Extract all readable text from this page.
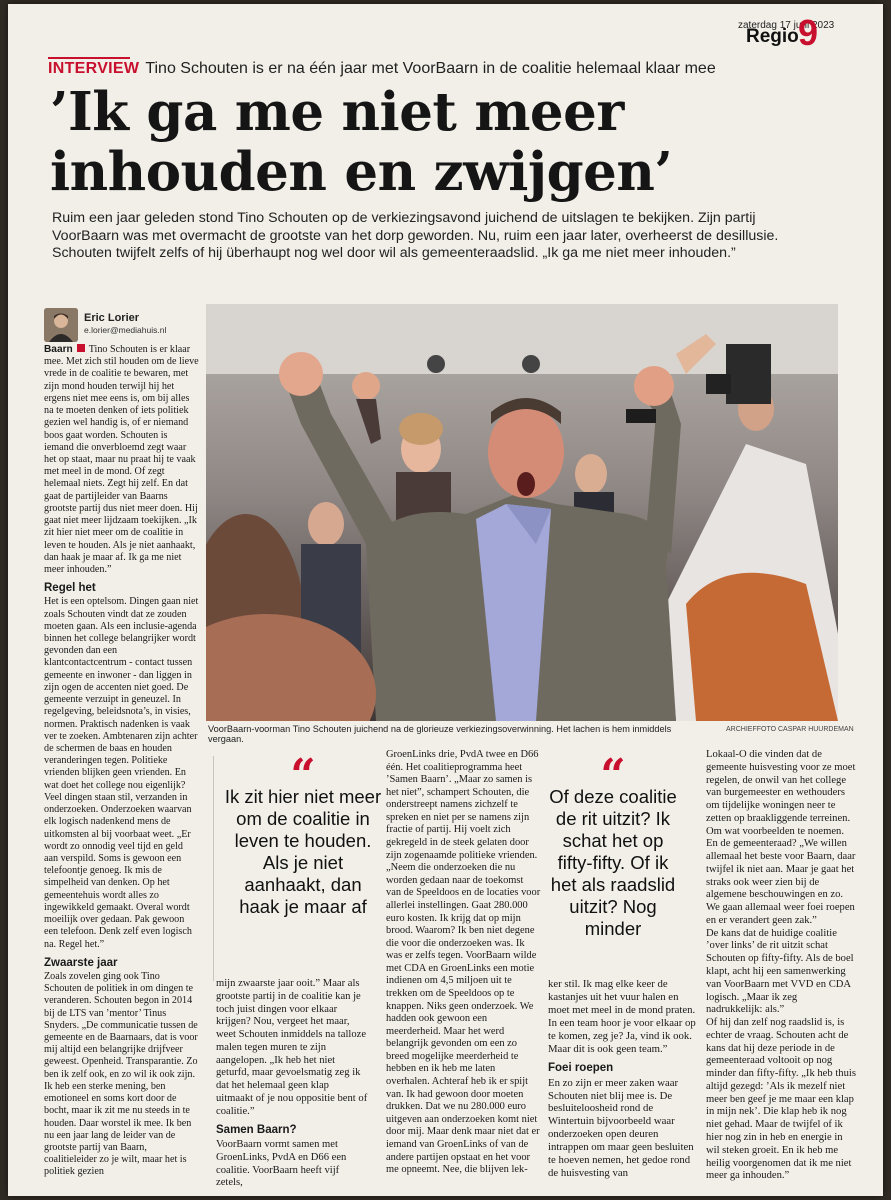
zaterdag 17 juni 2023
Regio 9
INTERVIEW Tino Schouten is er na één jaar met VoorBaarn in de coalitie helemaal klaar mee
’Ik ga me niet meer
inhouden en zwijgen’
Ruim een jaar geleden stond Tino Schouten op de verkiezingsavond juichend de uitslagen te bekijken. Zijn partij VoorBaarn was met overmacht de grootste van het dorp geworden. Nu, ruim een jaar later, overheerst de desillusie. Schouten twijfelt zelfs of hij überhaupt nog wel door wil als gemeenteraadslid. „Ik ga me niet meer inhouden.”
Eric Lorier
e.lorier@mediahuis.nl

Baarn Tino Schouten is er klaar mee. Met zich stil houden om de lieve vrede in de coalitie te bewaren, met zijn mond houden terwijl hij het ergens niet mee eens is, om bij alles na te moeten denken of iets politiek gezien wel handig is, of er niemand boos gaat worden. Schouten is iemand die onverbloemd zegt waar het op staat, maar nu praat hij te vaak met meel in de mond. Of zegt helemaal niets. Zegt hij zelf. En dat gaat de partijleider van Baarns grootste partij dus niet meer doen. Hij gaat niet meer lijdzaam toekijken. „Ik zit hier niet meer om de coalitie in leven te houden. Als je niet aanhaakt, dan haak je maar af. Ik ga me niet meer inhouden.”

Regel het

Het is een optelsom. Dingen gaan niet zoals Schouten vindt dat ze zouden moeten gaan. Als een inclusie-agenda binnen het college belangrijker wordt gevonden dan een klantcontactcentrum - contact tussen gemeente en inwoner - dan liggen in zijn ogen de accenten niet goed. De gemeente verzuipt in geneuzel. In regelgeving, beleidsnota’s, in visies, normen. Praktisch nadenken is vaak ver te zoeken. Ambtenaren zijn achter de schermen de baas en houden veranderingen tegen. Politieke vrienden blijken geen vrienden. En wat doet het college nou eigenlijk? Veel dingen staan stil, verzanden in onderzoeken. Onderzoeken waarvan elk logisch nadenkend mens de uitkomsten al bij voorbaat weet. „Er wordt zo onnodig veel tijd en geld aan verspild. Soms is gewoon een telefoontje genoeg. Ik mis de simpelheid van denken. Op het gemeentehuis wordt alles zo ingewikkeld gemaakt. Overal wordt moeilijk over gedaan. Pak gewoon een telefoon. Denk zelf even logisch na. Regel het.”

Zwaarste jaar

Zoals zovelen ging ook Tino Schouten de politiek in om dingen te veranderen. Schouten begon in 2014 bij de LTS van ’mentor’ Tinus Snyders. „De communicatie tussen de gemeente en de Baarnaars, dat is voor mij altijd een belangrijke drijfveer geweest. Openheid. Transparantie. Zo ben ik zelf ook, en zo wil ik ook zijn. Ik heb een sterke mening, ben emotioneel en soms kort door de bocht, maar ik zit me nu steeds in te houden. Daar worstel ik mee. Ik ben nu een jaar lang de leider van de grootste partij van Baarn, coalitieleider zo je wilt, maar het is politiek gezien

VoorBaarn-voorman Tino Schouten juichend na de glorieuze verkiezingsoverwinning. Het lachen is hem inmiddels vergaan.
ARCHIEFFOTO CASPAR HUURDEMAN
“
Ik zit hier niet meer om de coalitie in leven te houden. Als je niet aanhaakt, dan haak je maar af

mijn zwaarste jaar ooit.” Maar als grootste partij in de coalitie kan je toch juist dingen voor elkaar krijgen? Nou, vergeet het maar, weet Schouten inmiddels na talloze malen tegen muren te zijn aangelopen. „Ik heb het niet geturfd, maar gevoelsmatig zeg ik dat het helemaal geen klap uitmaakt of je nou oppositie bent of coalitie.”

Samen Baarn?

VoorBaarn vormt samen met GroenLinks, PvdA en D66 een coalitie. VoorBaarn heeft vijf zetels,

GroenLinks drie, PvdA twee en D66 één. Het coalitieprogramma heet ’Samen Baarn’. „Maar zo samen is het niet”, schampert Schouten, die onderstreept namens zichzelf te spreken en niet per se namens zijn fractie of partij. Hij voelt zich gekregeld in de steek gelaten door zijn zogenaamde politieke vrienden. „Neem die onderzoeken die nu worden gedaan naar de toekomst van de Speeldoos en de locaties voor allerlei instellingen. Gaat 280.000 euro kosten. Ik krijg dat op mijn brood. Waarom? Ik ben niet degene die voor die onderzoeken was. Ik was er zelfs tegen. VoorBaarn wilde met CDA en GroenLinks een motie indienen om 4,5 miljoen uit te trekken om de Speeldoos op te knappen. Niks geen onderzoek. We hadden ook gewoon een meerderheid. Maar het werd belangrijk gevonden om een zo breed mogelijke meerderheid te hebben en ik heb me laten overhalen. Achteraf heb ik er spijt van. Ik had gewoon door moeten drukken. Dat we nu 280.000 euro uitgeven aan onderzoeken komt niet door mij. Maar denk maar niet dat er iemand van GroenLinks of van de andere partijen opstaat en het voor me opneemt. Nee, die blijven lek-

“
Of deze coalitie de rit uitzit? Ik schat het op fifty-fifty. Of ik het als raadslid uitzit? Nog minder

ker stil. Ik mag elke keer de kastanjes uit het vuur halen en moet met meel in de mond praten. In een team hoor je voor elkaar op te komen, zeg je? Ja, vind ik ook. Maar dit is ook geen team.”

Foei roepen

En zo zijn er meer zaken waar Schouten niet blij mee is. De besluiteloosheid rond de Wintertuin bijvoorbeeld waar onderzoeken open deuren intrappen om maar geen besluiten te hoeven nemen, het gedoe rond de huisvesting van

Lokaal-O die vinden dat de gemeente huisvesting voor ze moet regelen, de onwil van het college van burgemeester en wethouders om tijdelijke woningen neer te zetten op braakliggende terreinen. Om wat voorbeelden te noemen. En de gemeenteraad? „We willen allemaal het beste voor Baarn, daar twijfel ik niet aan. Maar je gaat het straks ook weer zien bij de algemene beschouwingen en zo. We gaan allemaal weer foei roepen en er verandert geen zak.”

De kans dat de huidige coalitie ’over links’ de rit uitzit schat Schouten op fifty-fifty. Als de boel klapt, acht hij een samenwerking van VoorBaarn met VVD en CDA logisch. „Maar ik zeg nadrukkelijk: als.”

Of hij dan zelf nog raadslid is, is echter de vraag. Schouten acht de kans dat hij deze periode in de gemeenteraad voltooit op nog minder dan fifty-fifty. „Ik heb thuis altijd gezegd: ’Als ik mezelf niet meer ben geef je me maar een klap in mijn nek’. Die klap heb ik nog niet gehad. Maar de twijfel of ik hier nog zin in heb en energie in wil steken groeit. En ik heb me heilig voorgenomen dat ik me niet meer ga inhouden.”
